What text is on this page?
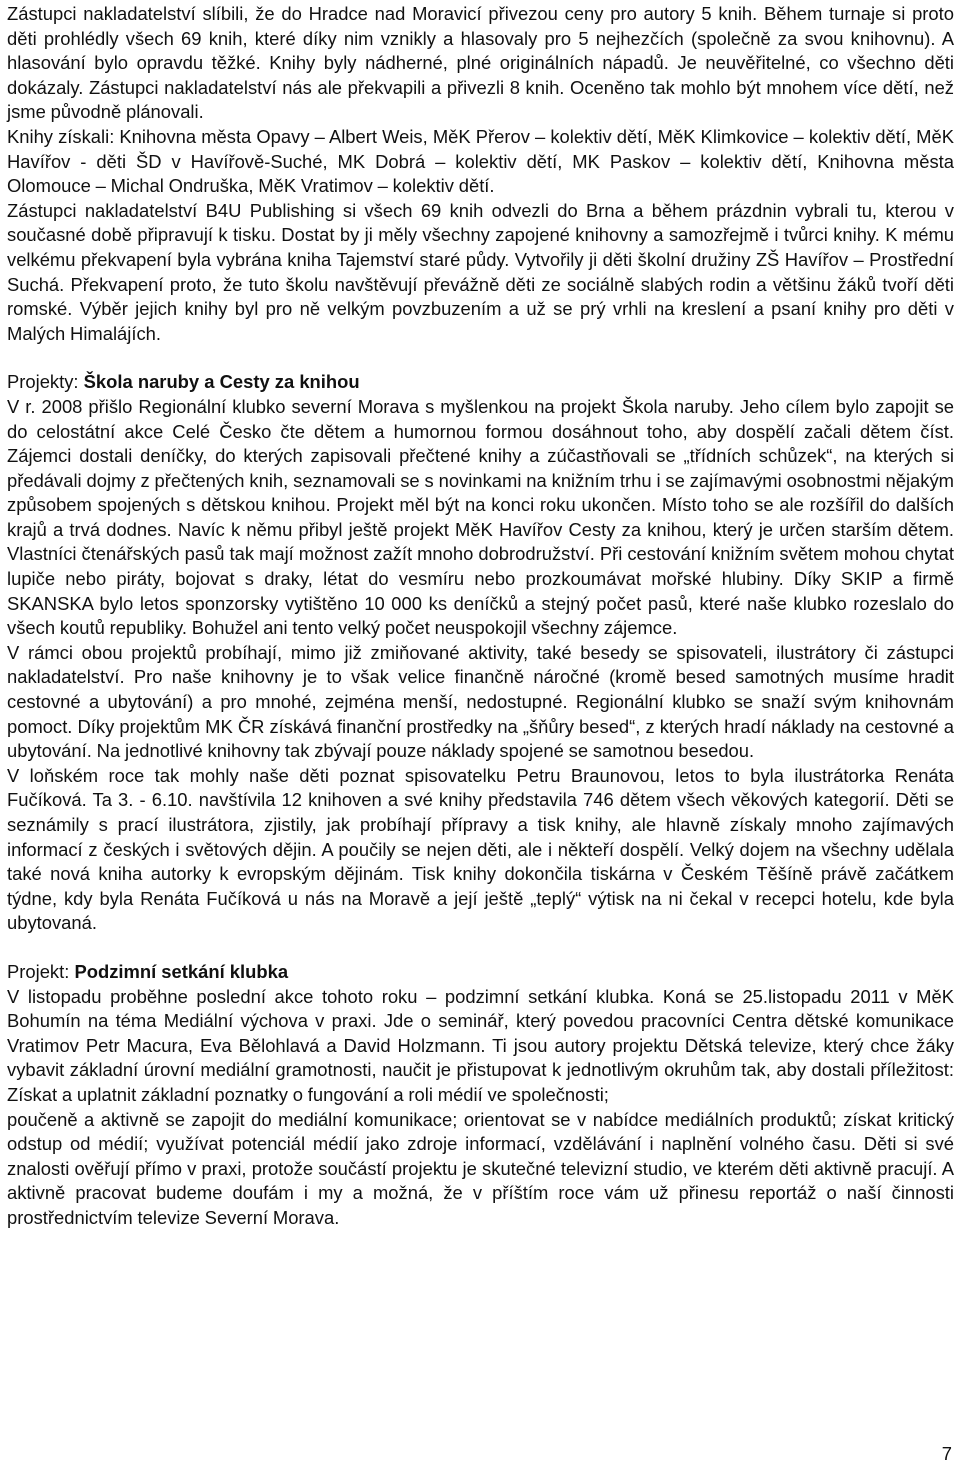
Zástupci nakladatelství slíbili, že do Hradce nad Moravicí přivezou ceny pro autory 5 knih. Během turnaje si proto děti prohlédly všech 69 knih, které díky nim vznikly a hlasovaly pro 5 nejhezčích (společně za svou knihovnu). A hlasování bylo opravdu těžké. Knihy byly nádherné, plné originálních nápadů. Je neuvěřitelné, co všechno děti dokázaly. Zástupci nakladatelství nás ale překvapili a přivezli 8 knih. Oceněno tak mohlo být mnohem více dětí, než jsme původně plánovali.

Knihy získali: Knihovna města Opavy – Albert Weis, MěK Přerov – kolektiv dětí, MěK Klimkovice – kolektiv dětí, MěK Havířov - děti ŠD v Havířově-Suché, MK Dobrá – kolektiv dětí, MK Paskov – kolektiv dětí, Knihovna města Olomouce – Michal Ondruška, MěK Vratimov – kolektiv dětí.

Zástupci nakladatelství B4U Publishing si všech 69 knih odvezli do Brna a během prázdnin vybrali tu, kterou v současné době připravují k tisku. Dostat by ji měly všechny zapojené knihovny a samozřejmě i tvůrci knihy. K mému velkému překvapení byla vybrána kniha Tajemství staré půdy. Vytvořily ji děti školní družiny ZŠ Havířov – Prostřední Suchá. Překvapení proto, že tuto školu navštěvují převážně děti ze sociálně slabých rodin a většinu žáků tvoří děti romské. Výběr jejich knihy byl pro ně velkým povzbuzením a už se prý vrhli na kreslení a psaní knihy pro děti v Malých Himalájích.

Projekty: Škola naruby a Cesty za knihou

V r. 2008 přišlo Regionální klubko severní Morava s myšlenkou na projekt Škola naruby. Jeho cílem bylo zapojit se do celostátní akce Celé Česko čte dětem a humornou formou dosáhnout toho, aby dospělí začali dětem číst. Zájemci dostali deníčky, do kterých zapisovali přečtené knihy a zúčastňovali se „třídních schůzek“, na kterých si předávali dojmy z přečtených knih, seznamovali se s novinkami na knižním trhu i se zajímavými osobnostmi nějakým způsobem spojených s dětskou knihou. Projekt měl být na konci roku ukončen. Místo toho se ale rozšířil do dalších krajů a trvá dodnes. Navíc k němu přibyl ještě projekt MěK Havířov Cesty za knihou, který je určen starším dětem. Vlastníci čtenářských pasů tak mají možnost zažít mnoho dobrodružství. Při cestování knižním světem mohou chytat lupiče nebo piráty, bojovat s draky, létat do vesmíru nebo prozkoumávat mořské hlubiny. Díky SKIP a firmě SKANSKA bylo letos sponzorsky vytištěno 10 000 ks deníčků a stejný počet pasů, které naše klubko rozeslalo do všech koutů republiky. Bohužel ani tento velký počet neuspokojil všechny zájemce.

V rámci obou projektů probíhají, mimo již zmiňované aktivity, také besedy se spisovateli, ilustrátory či zástupci nakladatelství. Pro naše knihovny je to však velice finančně náročné (kromě besed samotných musíme hradit cestovné a ubytování) a pro mnohé, zejména menší, nedostupné. Regionální klubko se snaží svým knihovnám pomoct. Díky projektům MK ČR získává finanční prostředky na „šňůry besed“, z kterých hradí náklady na cestovné a ubytování. Na jednotlivé knihovny tak zbývají pouze náklady spojené se samotnou besedou.

V loňském roce tak mohly naše děti poznat spisovatelku Petru Braunovou, letos to byla ilustrátorka Renáta Fučíková. Ta 3. - 6.10. navštívila 12 knihoven a své knihy představila 746 dětem všech věkových kategorií. Děti se seznámily s prací ilustrátora, zjistily, jak probíhají přípravy a tisk knihy, ale hlavně získaly mnoho zajímavých informací z českých i světových dějin. A poučily se nejen děti, ale i někteří dospělí. Velký dojem na všechny udělala také nová kniha autorky k evropským dějinám. Tisk knihy dokončila tiskárna v Českém Těšíně právě začátkem týdne, kdy byla Renáta Fučíková u nás na Moravě a její ještě „teplý“ výtisk na ni čekal v recepci hotelu, kde byla ubytovaná.

Projekt: Podzimní setkání klubka

V listopadu proběhne poslední akce tohoto roku – podzimní setkání klubka. Koná se 25.listopadu 2011 v MěK Bohumín na téma Mediální výchova v praxi. Jde o seminář, který povedou pracovníci Centra dětské komunikace Vratimov Petr Macura, Eva Bělohlavá a David Holzmann. Ti jsou autory projektu Dětská televize, který chce žáky vybavit základní úrovní mediální gramotnosti, naučit je přistupovat k jednotlivým okruhům tak, aby dostali příležitost: Získat a uplatnit základní poznatky o fungování a roli médií ve společnosti;

poučeně a aktivně se zapojit do mediální komunikace; orientovat se v nabídce mediálních produktů; získat kritický odstup od médií; využívat potenciál médií jako zdroje informací, vzdělávání i naplnění volného času. Děti si své znalosti ověřují přímo v praxi, protože součástí projektu je skutečné televizní studio, ve kterém děti aktivně pracují. A aktivně pracovat budeme doufám i my a možná, že v příštím roce vám už přinesu reportáž o naší činnosti prostřednictvím televize Severní Morava.

7
